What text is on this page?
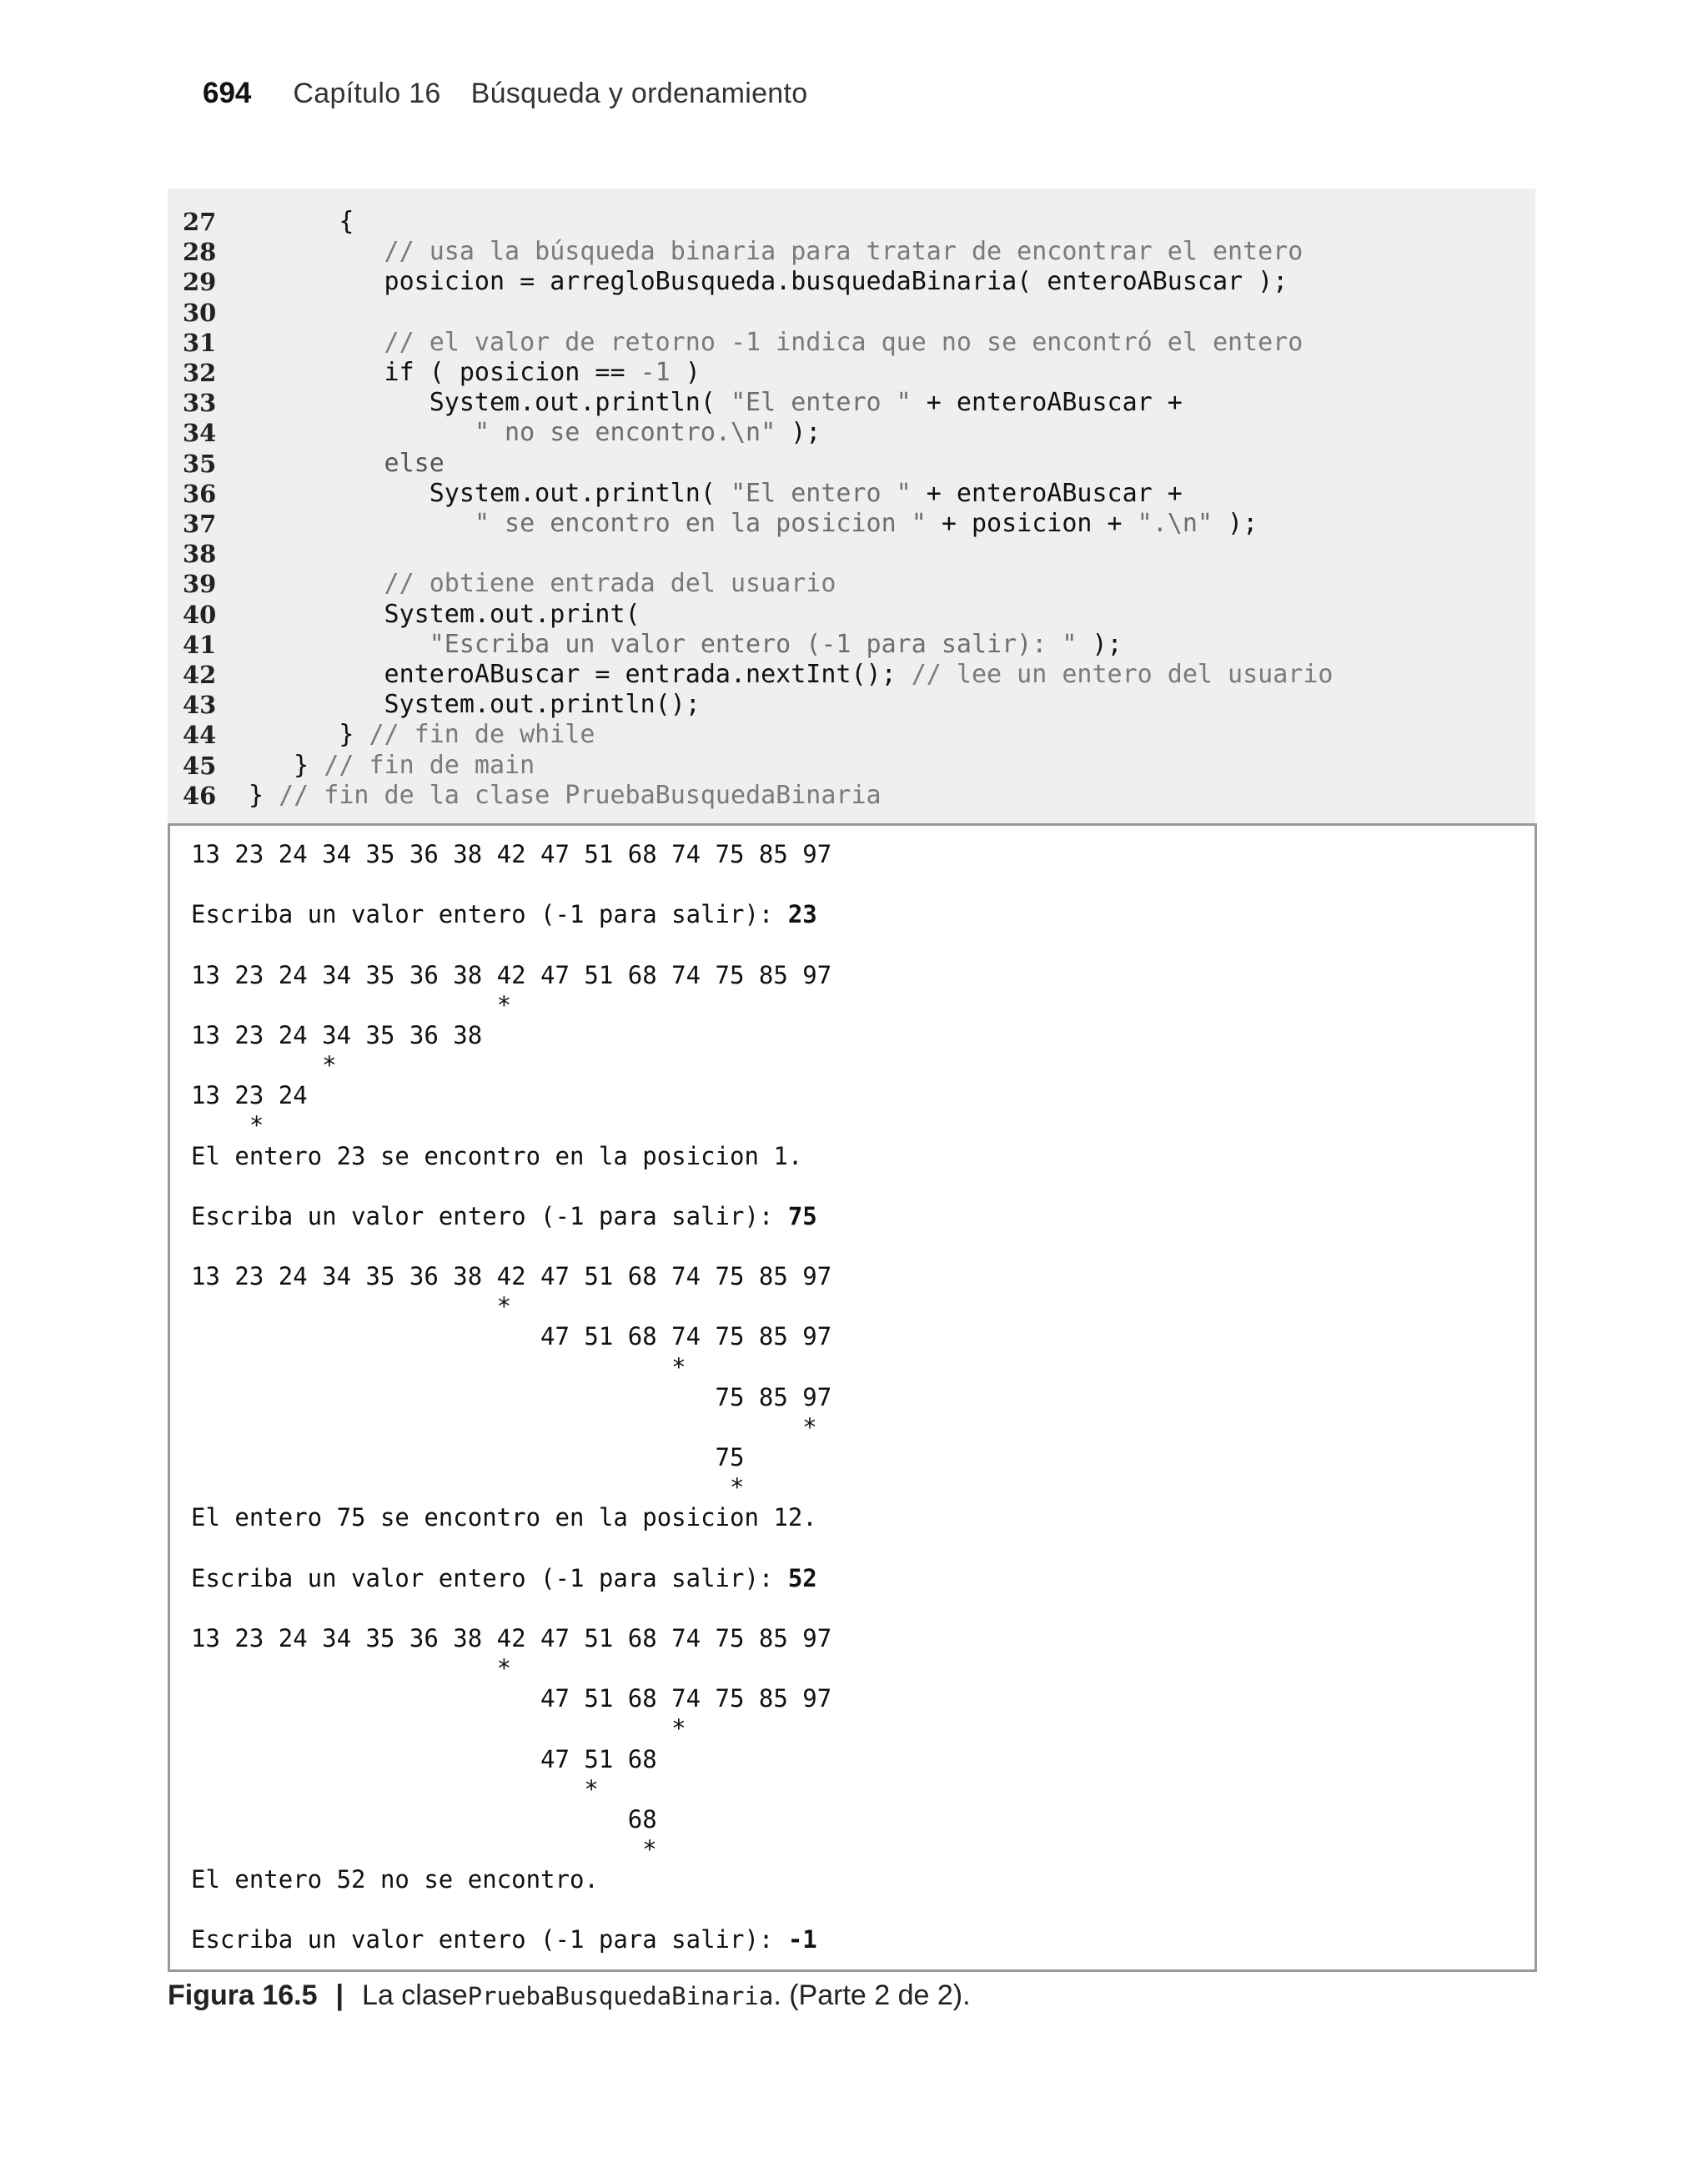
694 Capítulo 16 Búsqueda y ordenamiento
27	{
28	// usa la búsqueda binaria para tratar de encontrar el entero
29	posicion = arregloBusqueda.busquedaBinaria( enteroABuscar );
30
31	// el valor de retorno -1 indica que no se encontró el entero
32	if ( posicion == -1 )
33	System.out.println( "El entero " + enteroABuscar +
34	" no se encontro.\n" );
35	else
36	System.out.println( "El entero " + enteroABuscar +
37	" se encontro en la posicion " + posicion + ".\n" );
38
39	// obtiene entrada del usuario
40	System.out.print(
41	"Escriba un valor entero (-1 para salir): " );
42	enteroABuscar = entrada.nextInt(); // lee un entero del usuario
43	System.out.println();
44	} // fin de while
45	} // fin de main
46	} // fin de la clase PruebaBusquedaBinaria
13 23 24 34 35 36 38 42 47 51 68 74 75 85 97
Escriba un valor entero (-1 para salir): 23
13 23 24 34 35 36 38 42 47 51 68 74 75 85 97
*
13 23 24 34 35 36 38
*
13 23 24
*
El entero 23 se encontro en la posicion 1.
Escriba un valor entero (-1 para salir): 75
13 23 24 34 35 36 38 42 47 51 68 74 75 85 97
*
47 51 68 74 75 85 97
*
75 85 97
*
75
*
El entero 75 se encontro en la posicion 12.
Escriba un valor entero (-1 para salir): 52
13 23 24 34 35 36 38 42 47 51 68 74 75 85 97
*
47 51 68 74 75 85 97
*
47 51 68
*
68
*
El entero 52 no se encontro.
Escriba un valor entero (-1 para salir): -1
Figura 16.5 | La clase PruebaBusquedaBinaria . (Parte 2 de 2).
